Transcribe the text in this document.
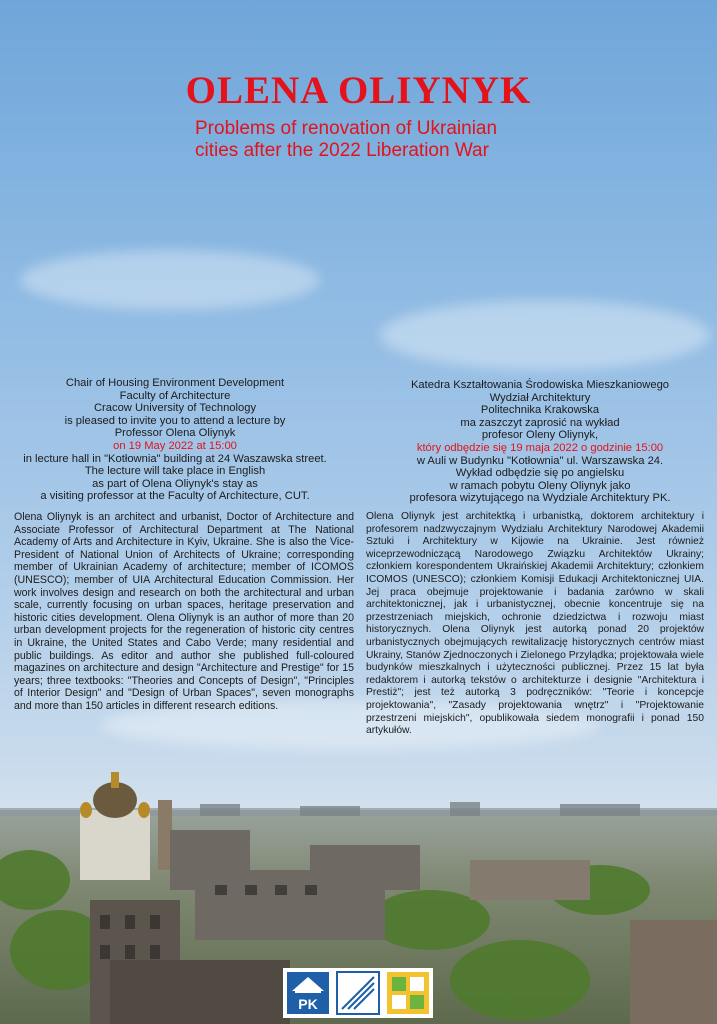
OLENA OLIYNYK
Problems of renovation of Ukrainian
cities after the 2022 Liberation War
Chair of Housing Environment Development
Faculty of Architecture
Cracow University of Technology
is pleased to invite you to attend a lecture by
Professor Olena Oliynyk
on 19 May 2022 at 15:00
in lecture hall in "Kotłownia" building at 24 Waszawska street.
The lecture will take place in English
as part of Olena Oliynyk's stay as
a visiting professor at the Faculty of Architecture, CUT.
Katedra Kształtowania Środowiska Mieszkaniowego
Wydział Architektury
Politechnika Krakowska
ma zaszczyt zaprosić na wykład
profesor Oleny Oliynyk,
który odbędzie się 19 maja 2022 o godzinie 15:00
w Auli w Budynku "Kotłownia" ul. Warszawska 24.
Wykład odbędzie się po angielsku
w ramach pobytu Oleny Oliynyk jako
profesora wizytującego na Wydziale Architektury PK.
Olena Oliynyk is an architect and urbanist, Doctor of Architecture and Associate Professor of Architectural Department at The National Academy of Arts and Architecture in Kyiv, Ukraine. She is also the Vice-President of National Union of Architects of Ukraine; corresponding member of Ukrainian Academy of architecture; member of ICOMOS (UNESCO); member of UIA Architectural Education Commission. Her work involves design and research on both the architectural and urban scale, currently focusing on urban spaces, heritage preservation and historic cities development. Olena Oliynyk is an author of more than 20 urban development projects for the regeneration of historic city centres in Ukraine, the United States and Cabo Verde; many residential and public buildings. As editor and author she published full-coloured magazines on architecture and design "Architecture and Prestige" for 15 years; three textbooks: "Theories and Concepts of Design", "Principles of Interior Design" and "Design of Urban Spaces", seven monographs and more than 150 articles in different research editions.
Olena Oliynyk jest architektką i urbanistką, doktorem architektury i profesorem nadzwyczajnym Wydziału Architektury Narodowej Akademii Sztuki i Architektury w Kijowie na Ukrainie. Jest również wiceprzewodniczącą Narodowego Związku Architektów Ukrainy; członkiem korespondentem Ukraińskiej Akademii Architektury; członkiem ICOMOS (UNESCO); członkiem Komisji Edukacji Architektonicznej UIA. Jej praca obejmuje projektowanie i badania zarówno w skali architektonicznej, jak i urbanistycznej, obecnie koncentruje się na przestrzeniach miejskich, ochronie dziedzictwa i rozwoju miast historycznych. Olena Oliynyk jest autorką ponad 20 projektów urbanistycznych obejmujących rewitalizację historycznych centrów miast Ukrainy, Stanów Zjednoczonych i Zielonego Przylądka; projektowała wiele budynków mieszkalnych i użyteczności publicznej. Przez 15 lat była redaktorem i autorką tekstów o architekturze i designie "Architektura i Prestiż"; jest też autorką 3 podręczników: "Teorie i koncepcje projektowania", "Zasady projektowania wnętrz" i "Projektowanie przestrzeni miejskich", opublikowała siedem monografii i ponad 150 artykułów.
PK
